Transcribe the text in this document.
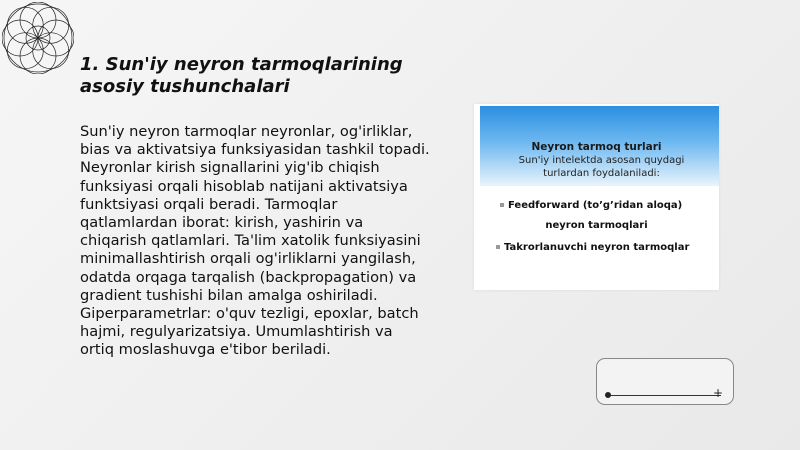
1. Sun'iy neyron tarmoqlarining asosiy tushunchalari
Sun'iy neyron tarmoqlar neyronlar, og'irliklar, bias va aktivatsiya funksiyasidan tashkil topadi. Neyronlar kirish signallarini yig'ib chiqish funksiyasi orqali hisoblab natijani aktivatsiya funktsiyasi orqali beradi. Tarmoqlar qatlamlardan iborat: kirish, yashirin va chiqarish qatlamlari. Ta'lim xatolik funksiyasini minimallashtirish orqali og'irliklarni yangilash, odatda orqaga tarqalish (backpropagation) va gradient tushishi bilan amalga oshiriladi. Giperparametrlar: o'quv tezligi, epoxlar, batch hajmi, regulyarizatsiya. Umumlashtirish va ortiq moslashuvga e'tibor beriladi.
Neyron tarmoq turlari
Sun'iy intelektda asosan quydagi turlardan foydalaniladi:
Feedforward (to’g’ridan aloqa)
neyron tarmoqlari
Takrorlanuvchi neyron tarmoqlar
+
